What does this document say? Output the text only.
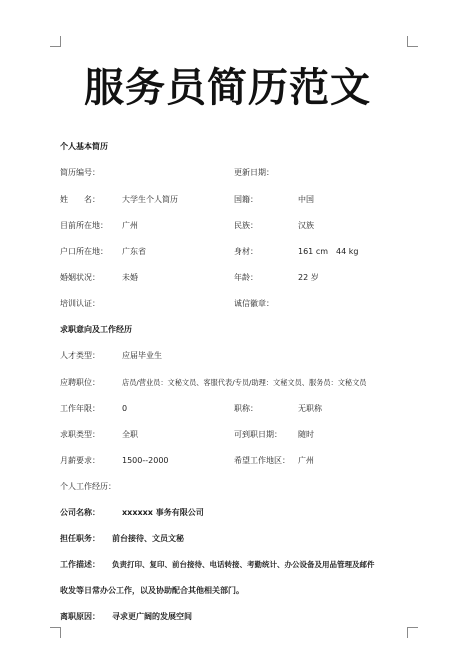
服务员简历范文
个人基本简历
简历编号：	更新日期：
姓　　名：	大学生个人简历	国籍：	中国
目前所在地： 广州	民族：	汉族
户口所在地： 广东省	身材：	161 cm　44 kg
婚姻状况：	未婚	年龄：	22 岁
培训认证：	诚信徽章：
求职意向及工作经历
人才类型：	应届毕业生
应聘职位：	店员/营业员：文秘文员、客服代表/专员/助理：文秘文员、服务员：文秘文员
工作年限：	0	职称：	无职称
求职类型：	全职	可到职日期： 随时
月薪要求：	1500--2000	希望工作地区： 广州
个人工作经历：
公司名称：	xxxxxx 事务有限公司
担任职务： 前台接待、文员文秘
工作描述： 负责打印、复印、前台接待、电话转接、考勤统计、办公设备及用品管理及邮件
收发等日常办公工作，以及协助配合其他相关部门。
离职原因： 寻求更广阔的发展空间
